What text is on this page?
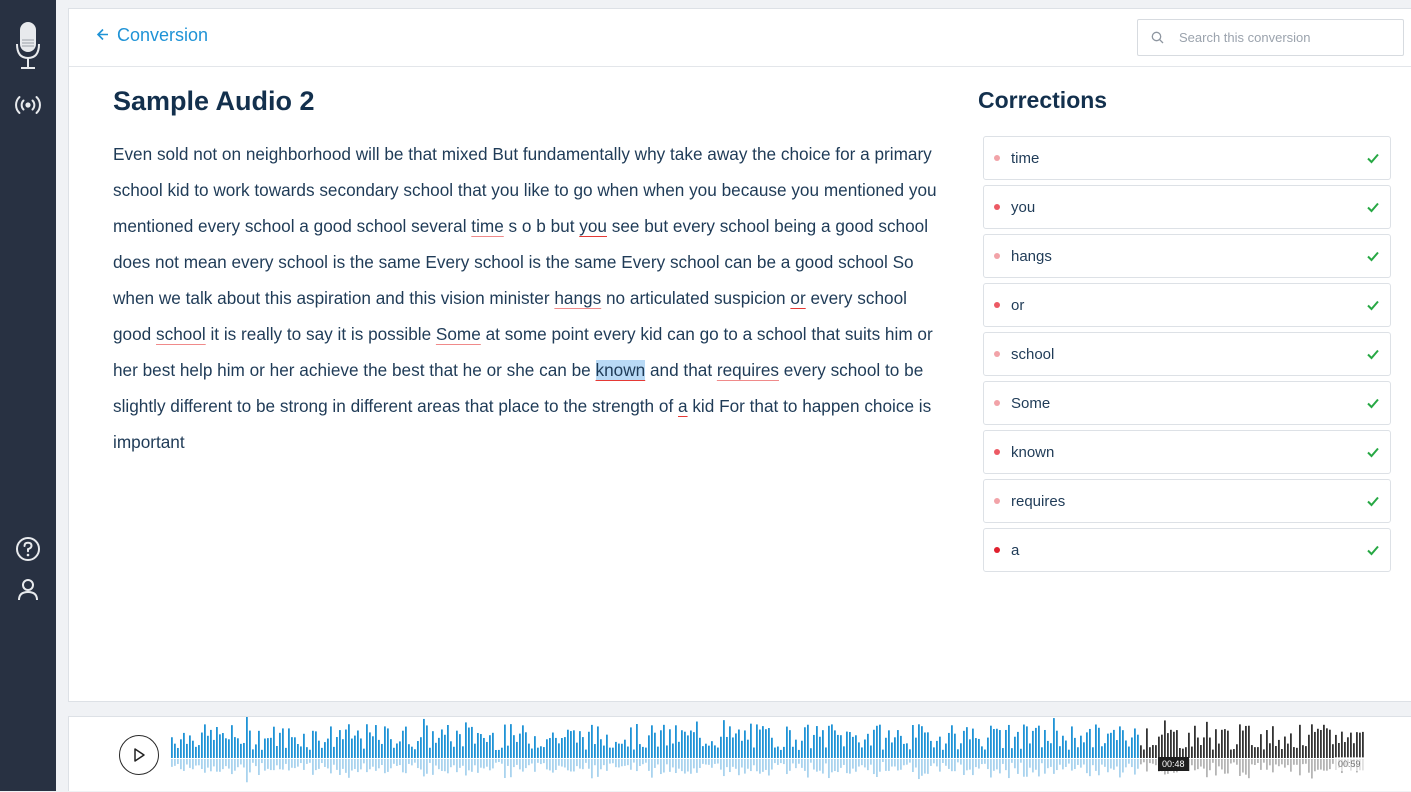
Conversion
Search this conversion
Sample Audio 2
Even sold not on neighborhood will be that mixed But fundamentally why take away the choice for a primary school kid to work towards secondary school that you like to go when when you because you mentioned you mentioned every school a good school several time s o b but you see but every school being a good school does not mean every school is the same Every school is the same Every school can be a good school So when we talk about this aspiration and this vision minister hangs no articulated suspicion or every school good school it is really to say it is possible Some at some point every kid can go to a school that suits him or her best help him or her achieve the best that he or she can be known and that requires every school to be slightly different to be strong in different areas that place to the strength of a kid For that to happen choice is important
Corrections
time
you
hangs
or
school
Some
known
requires
a
00:48	00:59
